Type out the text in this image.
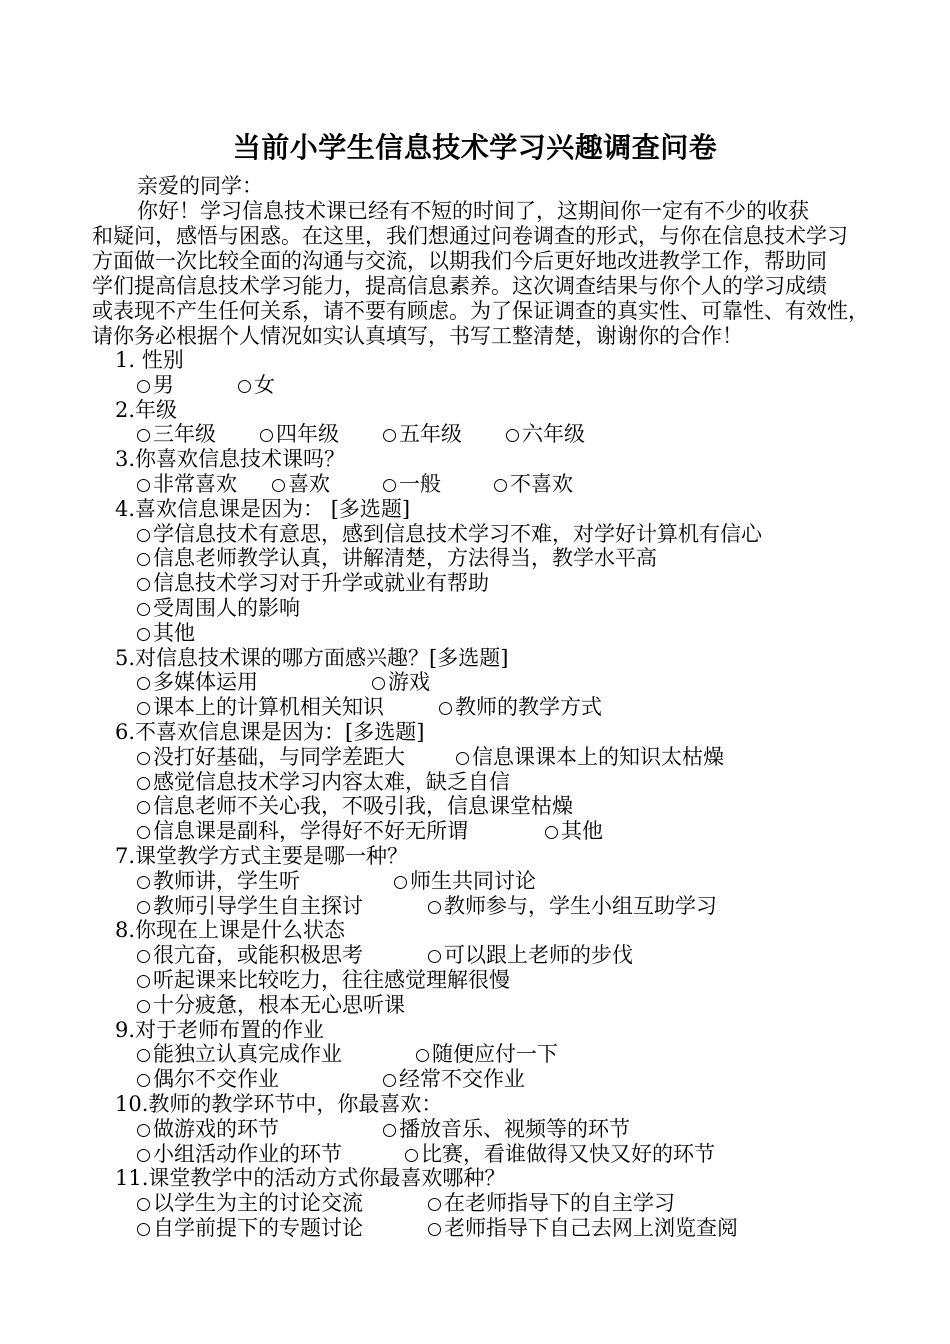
当前小学生信息技术学习兴趣调查问卷
亲爱的同学：
你好！学习信息技术课已经有不短的时间了，这期间你一定有不少的收获
和疑问，感悟与困惑。在这里，我们想通过问卷调查的形式，与你在信息技术学习
方面做一次比较全面的沟通与交流，以期我们今后更好地改进教学工作，帮助同
学们提高信息技术学习能力，提高信息素养。这次调查结果与你个人的学习成绩
或表现不产生任何关系，请不要有顾虑。为了保证调查的真实性、可靠性、有效性，
请你务必根据个人情况如实认真填写，书写工整清楚，谢谢你的合作！
1. 性别
男	女
2.年级
三年级	四年级	五年级	六年级
3.你喜欢信息技术课吗？
非常喜欢	喜欢	一般	不喜欢
4.喜欢信息课是因为： [多选题]
学信息技术有意思，感到信息技术学习不难，对学好计算机有信心
信息老师教学认真，讲解清楚，方法得当，教学水平高
信息技术学习对于升学或就业有帮助
受周围人的影响
其他
5.对信息技术课的哪方面感兴趣？[多选题]
多媒体运用	游戏
课本上的计算机相关知识	教师的教学方式
6.不喜欢信息课是因为：[多选题]
没打好基础，与同学差距大	信息课课本上的知识太枯燥
感觉信息技术学习内容太难，缺乏自信
信息老师不关心我，不吸引我，信息课堂枯燥
信息课是副科，学得好不好无所谓	其他
7.课堂教学方式主要是哪一种？
教师讲，学生听	师生共同讨论
教师引导学生自主探讨	教师参与，学生小组互助学习
8.你现在上课是什么状态
很亢奋，或能积极思考	可以跟上老师的步伐
听起课来比较吃力，往往感觉理解很慢
十分疲惫，根本无心思听课
9.对于老师布置的作业
能独立认真完成作业	随便应付一下
偶尔不交作业	经常不交作业
10.教师的教学环节中，你最喜欢：
做游戏的环节	播放音乐、视频等的环节
小组活动作业的环节	比赛，看谁做得又快又好的环节
11.课堂教学中的活动方式你最喜欢哪种？
以学生为主的讨论交流	在老师指导下的自主学习
自学前提下的专题讨论	老师指导下自己去网上浏览查阅
